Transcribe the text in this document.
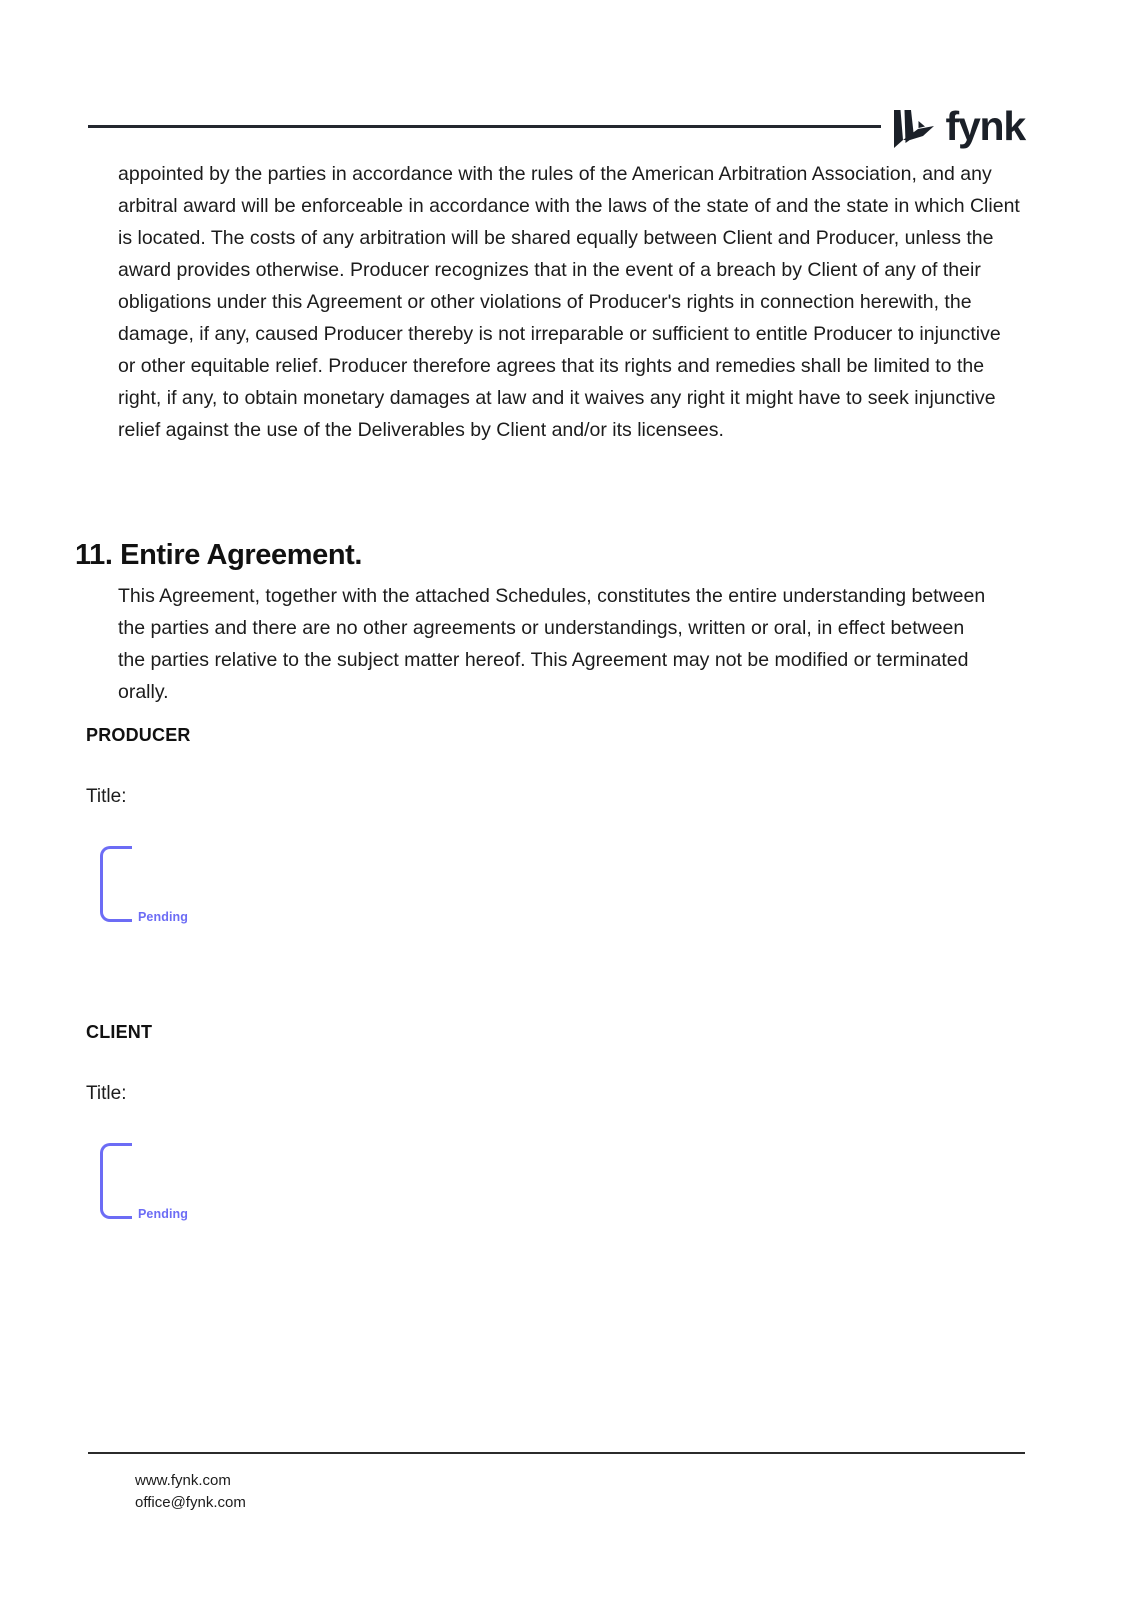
fynk

appointed by the parties in accordance with the rules of the American Arbitration Association, and any arbitral award will be enforceable in accordance with the laws of the state of and the state in which Client is located. The costs of any arbitration will be shared equally between Client and Producer, unless the award provides otherwise. Producer recognizes that in the event of a breach by Client of any of their obligations under this Agreement or other violations of Producer's rights in connection herewith, the damage, if any, caused Producer thereby is not irreparable or sufficient to entitle Producer to injunctive or other equitable relief. Producer therefore agrees that its rights and remedies shall be limited to the right, if any, to obtain monetary damages at law and it waives any right it might have to seek injunctive relief against the use of the Deliverables by Client and/or its licensees.

11. Entire Agreement.

This Agreement, together with the attached Schedules, constitutes the entire understanding between the parties and there are no other agreements or understandings, written or oral, in effect between the parties relative to the subject matter hereof. This Agreement may not be modified or terminated orally.

PRODUCER

Title:

Pending

CLIENT

Title:

Pending
www.fynk.com
office@fynk.com
